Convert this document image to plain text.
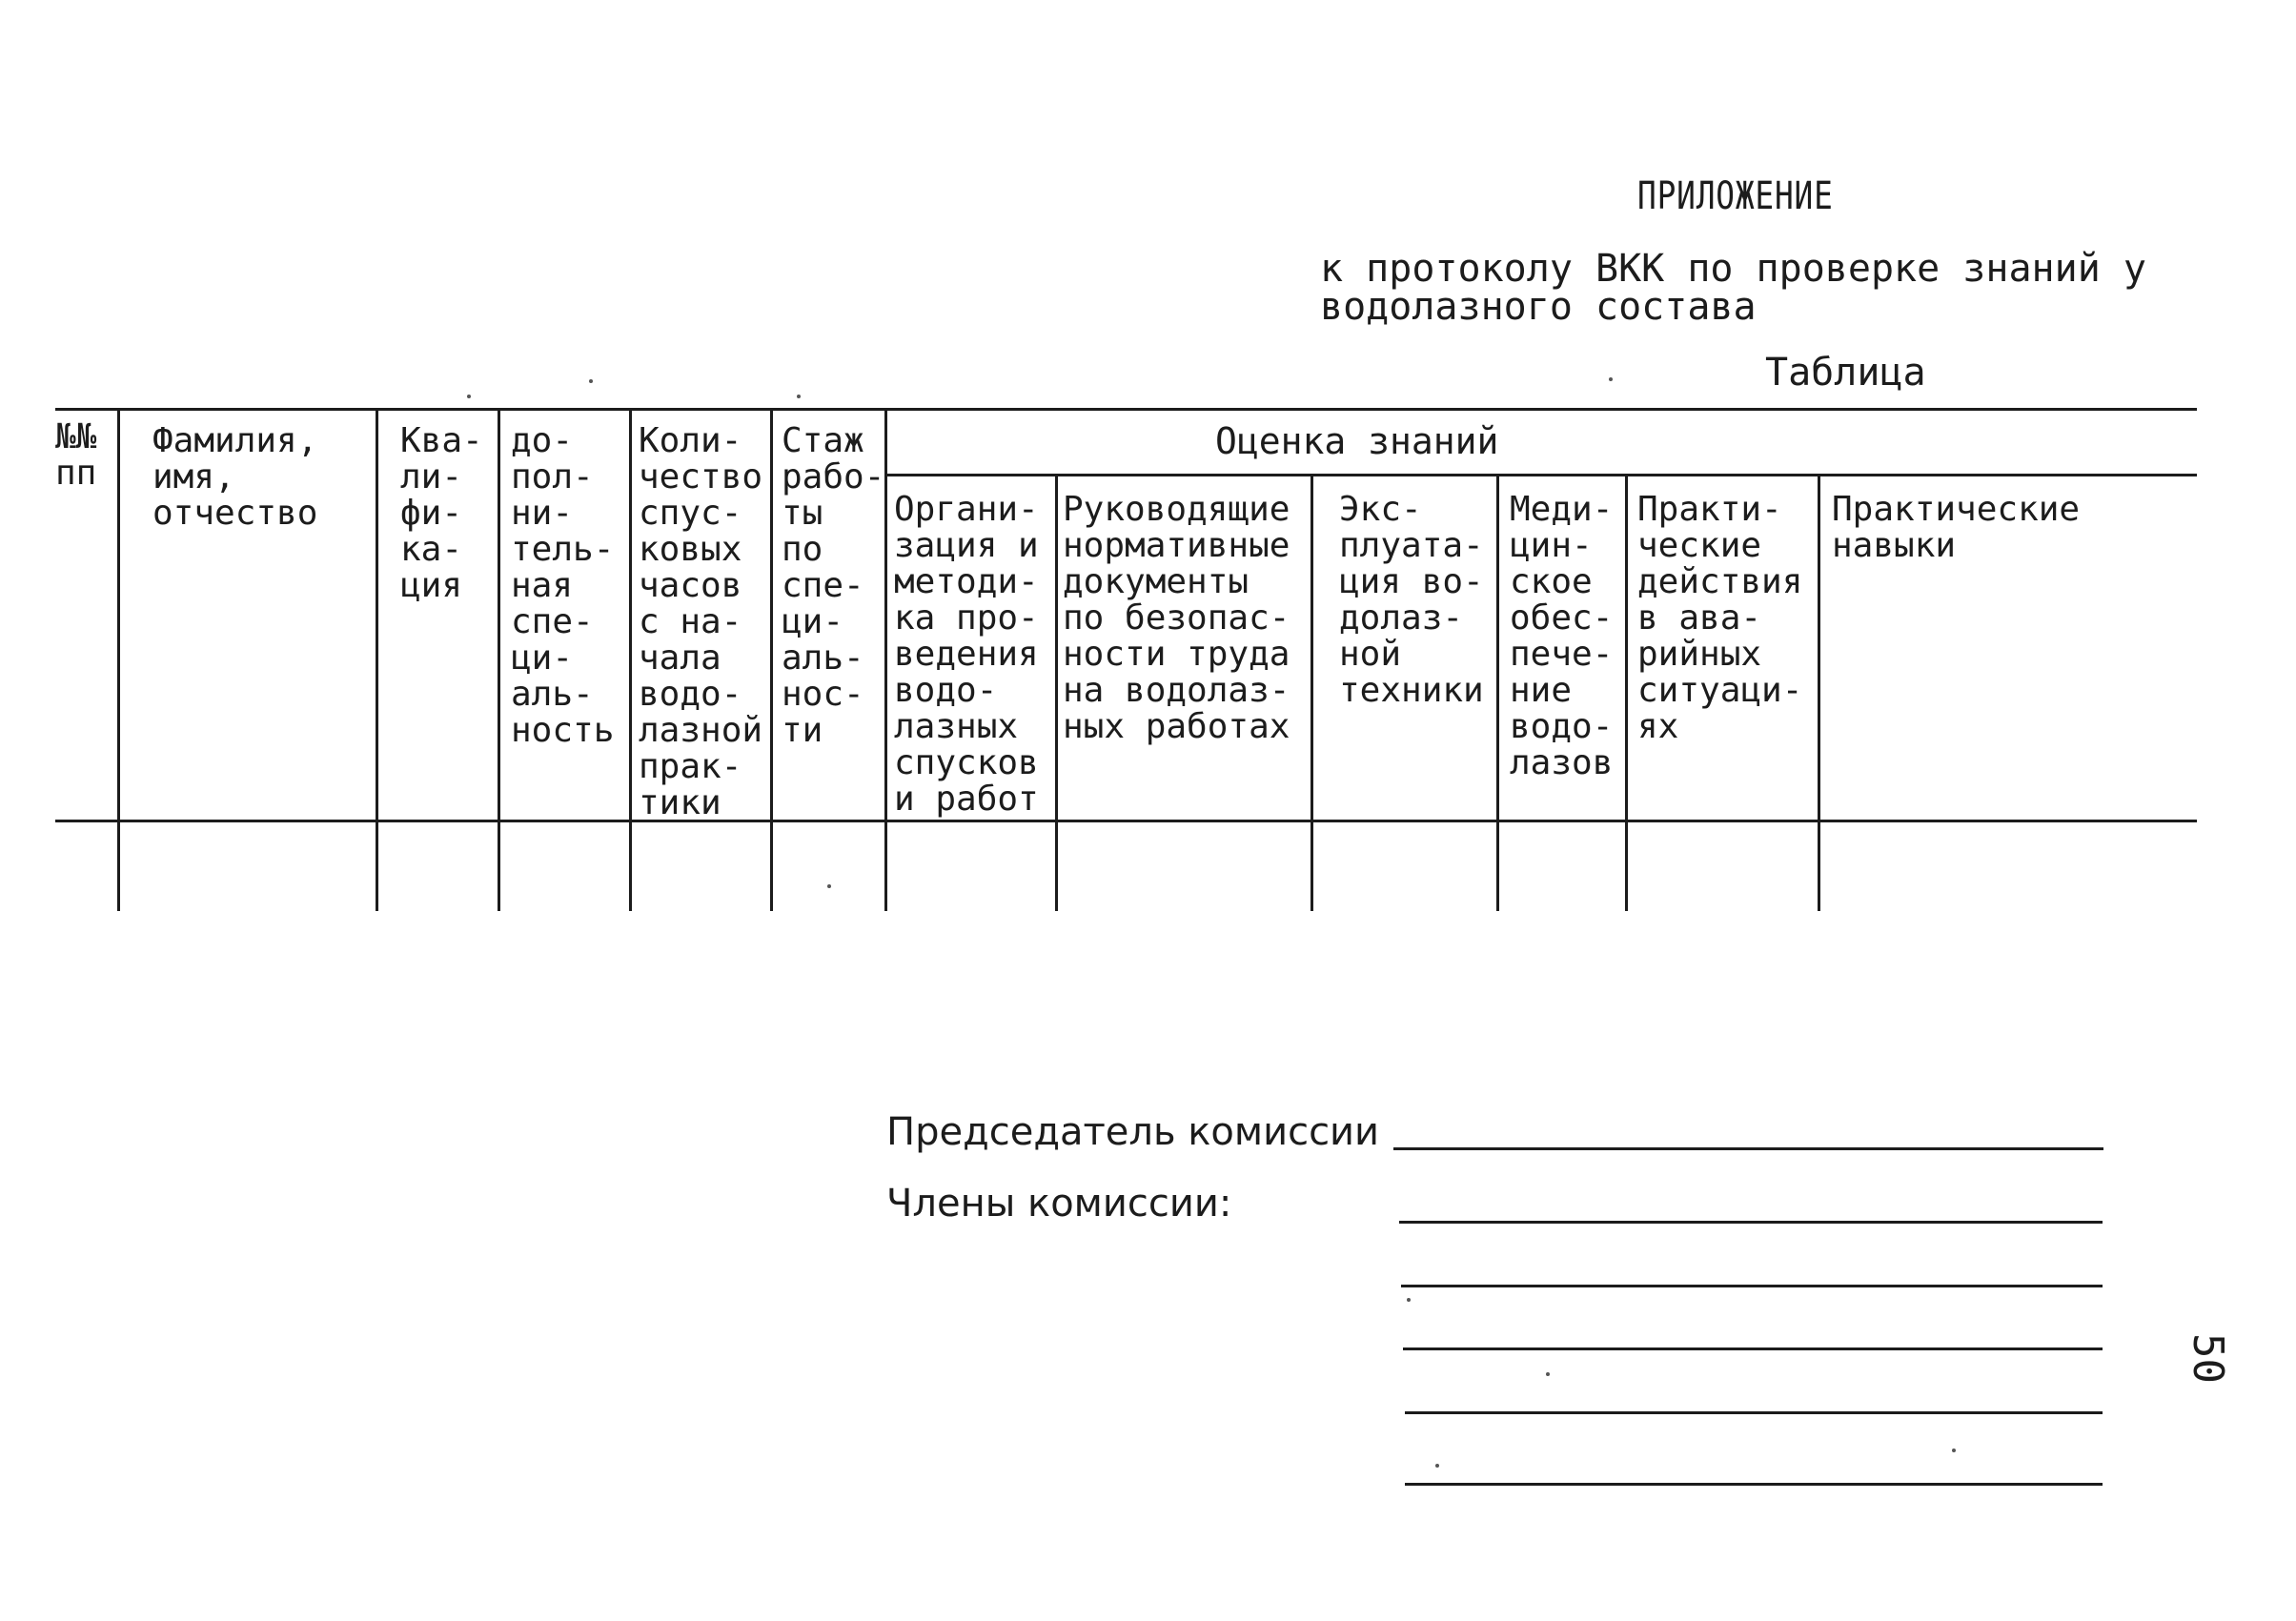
ПРИЛОЖЕНИЕ
к протоколу ВКК по проверке знаний у
водолазного состава
Таблица
№№
пп
Фамилия,
имя,
отчество
Ква-
ли-
фи-
ка-
ция
до-
пол-
ни-
тель-
ная
спе-
ци-
аль-
ность
Коли-
чество
спус-
ковых
часов
с на-
чала
водо-
лазной
прак-
тики
Стаж
рабо-
ты
по
спе-
ци-
аль-
нос-
ти
Оценка знаний
Органи-
зация и
методи-
ка про-
ведения
водо-
лазных
спусков
и работ
Руководящие
нормативные
документы
по безопас-
ности труда
на водолаз-
ных работах
Экс-
плуата-
ция во-
долаз-
ной
техники
Меди-
цин-
ское
обес-
пече-
ние
водо-
лазов
Практи-
ческие
действия
в ава-
рийных
ситуаци-
ях
Практические
навыки
Председатель комиссии
Члены комиссии:
50
